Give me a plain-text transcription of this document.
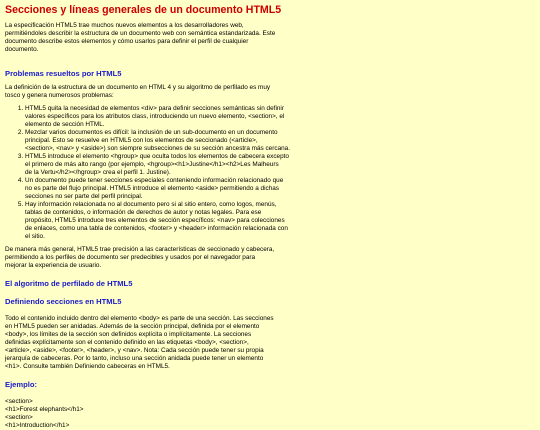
Secciones y líneas generales de un documento HTML5

La especificación HTML5 trae muchos nuevos elementos a los desarrolladores web,
permitiéndoles describir la estructura de un documento web con semántica estandarizada. Este
documento describe estos elementos y cómo usarlos para definir el perfil de cualquier
documento.

Problemas resueltos por HTML5

La definición de la estructura de un documento en HTML 4 y su algoritmo de perfilado es muy
tosco y genera numerosos problemas:

1. HTML5 quita la necesidad de elementos <div> para definir secciones semánticas sin definir
valores específicos para los atributos class, introduciendo un nuevo elemento, <section>, el
elemento de sección HTML.
2. Mezclar varios documentos es difícil: la inclusión de un sub-documento en un documento
principal. Esto se resuelve en HTML5 con los elementos de seccionado (<article>,
<section>, <nav> y <aside>) son siempre subsecciones de su sección ancestra más cercana.
3. HTML5 introduce el elemento <hgroup> que oculta todos los elementos de cabecera excepto
el primero de más alto rango (por ejemplo, <hgroup><h1>Justine</h1><h2>Les Malheurs
de la Vertu</h2></hgroup> crea el perfil 1. Justine).
4. Un documento puede tener secciones especiales conteniendo información relacionado que
no es parte del flujo principal. HTML5 introduce el elemento <aside> permitiendo a dichas
secciones no ser parte del perfil principal.
5. Hay información relacionada no al documento pero si al sitio entero, como logos, menús,
tablas de contenidos, o información de derechos de autor y notas legales. Para ese
propósito, HTML5 introduce tres elementos de sección específicos: <nav> para colecciones
de enlaces, como una tabla de contenidos, <footer> y <header> información relacionada con
el sitio.

De manera más general, HTML5 trae precisión a las características de seccionado y cabecera,
permitiendo a los perfiles de documento ser predecibles y usados por el navegador para
mejorar la experiencia de usuario.

El algoritmo de perfilado de HTML5
Definiendo secciones en HTML5

Todo el contenido incluido dentro del elemento <body> es parte de una sección. Las secciones
en HTML5 pueden ser anidadas. Además de la sección principal, definida por el elemento
<body>, los límites de la sección son definidos explícita o implícitamente. La secciones
definidas explícitamente son el contenido definido en las etiquetas <body>, <section>,
<article>, <aside>, <footer>, <header>, y <nav>. Nota: Cada sección puede tener su propia
jerarquía de cabeceras. Por lo tanto, incluso una sección anidada puede tener un elemento
<h1>. Consulte también Definiendo cabeceras en HTML5.

Ejemplo:
<section>
<h1>Forest elephants</h1>
<section>
<h1>Introduction</h1>
